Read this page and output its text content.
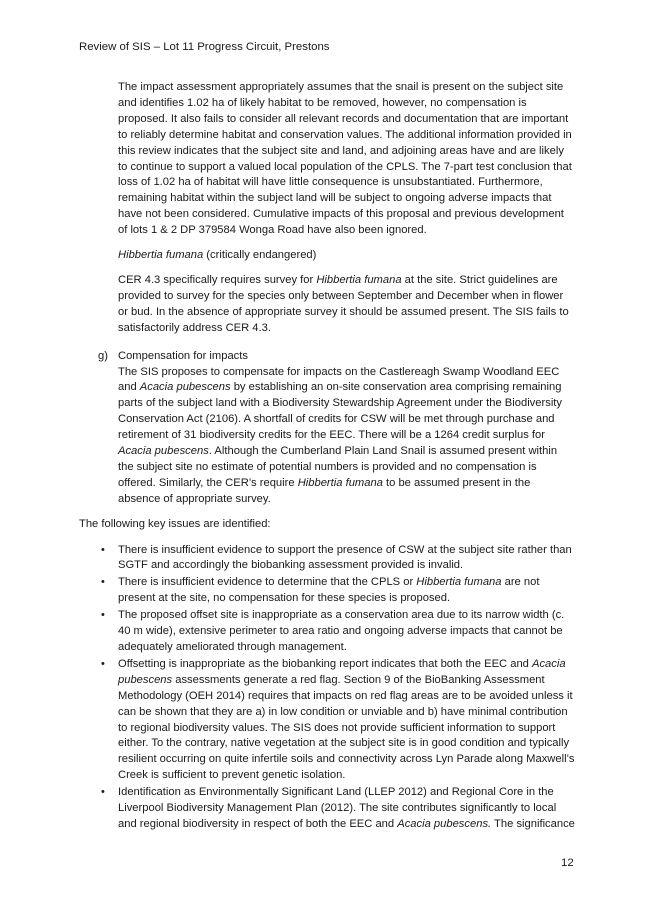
Review of SIS – Lot 11 Progress Circuit, Prestons

The impact assessment appropriately assumes that the snail is present on the subject site and identifies 1.02 ha of likely habitat to be removed, however, no compensation is proposed. It also fails to consider all relevant records and documentation that are important to reliably determine habitat and conservation values. The additional information provided in this review indicates that the subject site and land, and adjoining areas have and are likely to continue to support a valued local population of the CPLS. The 7-part test conclusion that loss of 1.02 ha of habitat will have little consequence is unsubstantiated. Furthermore, remaining habitat within the subject land will be subject to ongoing adverse impacts that have not been considered. Cumulative impacts of this proposal and previous development of lots 1 & 2 DP 379584 Wonga Road have also been ignored.

Hibbertia fumana (critically endangered)

CER 4.3 specifically requires survey for Hibbertia fumana at the site. Strict guidelines are provided to survey for the species only between September and December when in flower or bud. In the absence of appropriate survey it should be assumed present. The SIS fails to satisfactorily address CER 4.3.

g) Compensation for impacts

The SIS proposes to compensate for impacts on the Castlereagh Swamp Woodland EEC and Acacia pubescens by establishing an on-site conservation area comprising remaining parts of the subject land with a Biodiversity Stewardship Agreement under the Biodiversity Conservation Act (2106). A shortfall of credits for CSW will be met through purchase and retirement of 31 biodiversity credits for the EEC. There will be a 1264 credit surplus for Acacia pubescens. Although the Cumberland Plain Land Snail is assumed present within the subject site no estimate of potential numbers is provided and no compensation is offered. Similarly, the CER’s require Hibbertia fumana to be assumed present in the absence of appropriate survey.

The following key issues are identified:

• There is insufficient evidence to support the presence of CSW at the subject site rather than SGTF and accordingly the biobanking assessment provided is invalid.
• There is insufficient evidence to determine that the CPLS or Hibbertia fumana are not present at the site, no compensation for these species is proposed.
• The proposed offset site is inappropriate as a conservation area due to its narrow width (c. 40 m wide), extensive perimeter to area ratio and ongoing adverse impacts that cannot be adequately ameliorated through management.
• Offsetting is inappropriate as the biobanking report indicates that both the EEC and Acacia pubescens assessments generate a red flag. Section 9 of the BioBanking Assessment Methodology (OEH 2014) requires that impacts on red flag areas are to be avoided unless it can be shown that they are a) in low condition or unviable and b) have minimal contribution to regional biodiversity values. The SIS does not provide sufficient information to support either. To the contrary, native vegetation at the subject site is in good condition and typically resilient occurring on quite infertile soils and connectivity across Lyn Parade along Maxwell’s Creek is sufficient to prevent genetic isolation.
• Identification as Environmentally Significant Land (LLEP 2012) and Regional Core in the Liverpool Biodiversity Management Plan (2012). The site contributes significantly to local and regional biodiversity in respect of both the EEC and Acacia pubescens. The significance
12
